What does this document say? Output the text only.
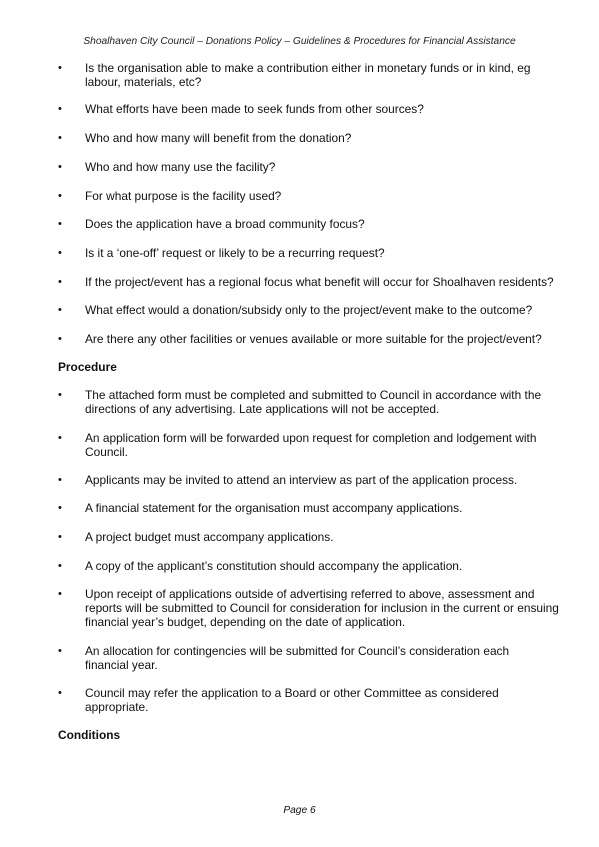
Shoalhaven City Council – Donations Policy – Guidelines & Procedures for Financial Assistance
• Is the organisation able to make a contribution either in monetary funds or in kind, eg labour, materials, etc?
• What efforts have been made to seek funds from other sources?
• Who and how many will benefit from the donation?
• Who and how many use the facility?
• For what purpose is the facility used?
• Does the application have a broad community focus?
• Is it a ‘one-off’ request or likely to be a recurring request?
• If the project/event has a regional focus what benefit will occur for Shoalhaven residents?
• What effect would a donation/subsidy only to the project/event make to the outcome?
• Are there any other facilities or venues available or more suitable for the project/event?
Procedure
• The attached form must be completed and submitted to Council in accordance with the directions of any advertising. Late applications will not be accepted.
• An application form will be forwarded upon request for completion and lodgement with Council.
• Applicants may be invited to attend an interview as part of the application process.
• A financial statement for the organisation must accompany applications.
• A project budget must accompany applications.
• A copy of the applicant’s constitution should accompany the application.
• Upon receipt of applications outside of advertising referred to above, assessment and reports will be submitted to Council for consideration for inclusion in the current or ensuing financial year’s budget, depending on the date of application.
• An allocation for contingencies will be submitted for Council’s consideration each financial year.
• Council may refer the application to a Board or other Committee as considered appropriate.
Conditions
Page 6
